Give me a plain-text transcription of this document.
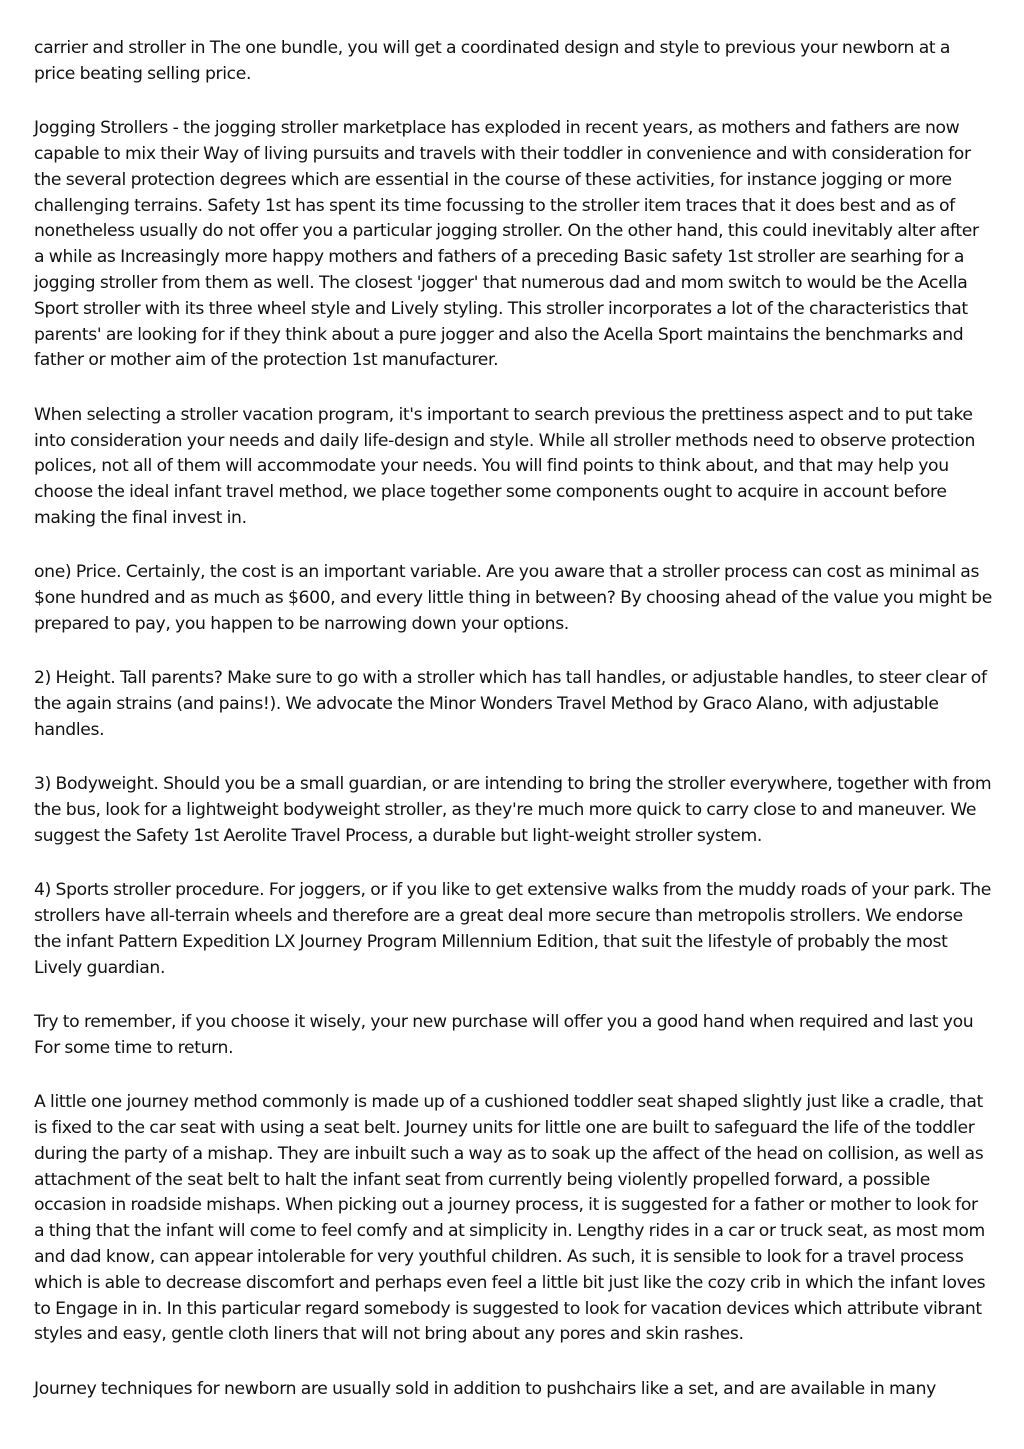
carrier and stroller in The one bundle, you will get a coordinated design and style to previous your newborn at a price beating selling price.

Jogging Strollers - the jogging stroller marketplace has exploded in recent years, as mothers and fathers are now capable to mix their Way of living pursuits and travels with their toddler in convenience and with consideration for the several protection degrees which are essential in the course of these activities, for instance jogging or more challenging terrains. Safety 1st has spent its time focussing to the stroller item traces that it does best and as of nonetheless usually do not offer you a particular jogging stroller. On the other hand, this could inevitably alter after a while as Increasingly more happy mothers and fathers of a preceding Basic safety 1st stroller are searhing for a jogging stroller from them as well. The closest 'jogger' that numerous dad and mom switch to would be the Acella Sport stroller with its three wheel style and Lively styling. This stroller incorporates a lot of the characteristics that parents' are looking for if they think about a pure jogger and also the Acella Sport maintains the benchmarks and father or mother aim of the protection 1st manufacturer.

When selecting a stroller vacation program, it's important to search previous the prettiness aspect and to put take into consideration your needs and daily life-design and style. While all stroller methods need to observe protection polices, not all of them will accommodate your needs. You will find points to think about, and that may help you choose the ideal infant travel method, we place together some components ought to acquire in account before making the final invest in.

one) Price. Certainly, the cost is an important variable. Are you aware that a stroller process can cost as minimal as $one hundred and as much as $600, and every little thing in between? By choosing ahead of the value you might be prepared to pay, you happen to be narrowing down your options.

2) Height. Tall parents? Make sure to go with a stroller which has tall handles, or adjustable handles, to steer clear of the again strains (and pains!). We advocate the Minor Wonders Travel Method by Graco Alano, with adjustable handles.

3) Bodyweight. Should you be a small guardian, or are intending to bring the stroller everywhere, together with from the bus, look for a lightweight bodyweight stroller, as they're much more quick to carry close to and maneuver. We suggest the Safety 1st Aerolite Travel Process, a durable but light-weight stroller system.

4) Sports stroller procedure. For joggers, or if you like to get extensive walks from the muddy roads of your park. The strollers have all-terrain wheels and therefore are a great deal more secure than metropolis strollers. We endorse the infant Pattern Expedition LX Journey Program Millennium Edition, that suit the lifestyle of probably the most Lively guardian.

Try to remember, if you choose it wisely, your new purchase will offer you a good hand when required and last you For some time to return.

A little one journey method commonly is made up of a cushioned toddler seat shaped slightly just like a cradle, that is fixed to the car seat with using a seat belt. Journey units for little one are built to safeguard the life of the toddler during the party of a mishap. They are inbuilt such a way as to soak up the affect of the head on collision, as well as attachment of the seat belt to halt the infant seat from currently being violently propelled forward, a possible occasion in roadside mishaps. When picking out a journey process, it is suggested for a father or mother to look for a thing that the infant will come to feel comfy and at simplicity in. Lengthy rides in a car or truck seat, as most mom and dad know, can appear intolerable for very youthful children. As such, it is sensible to look for a travel process which is able to decrease discomfort and perhaps even feel a little bit just like the cozy crib in which the infant loves to Engage in in. In this particular regard somebody is suggested to look for vacation devices which attribute vibrant styles and easy, gentle cloth liners that will not bring about any pores and skin rashes.

Journey techniques for newborn are usually sold in addition to pushchairs like a set, and are available in many
